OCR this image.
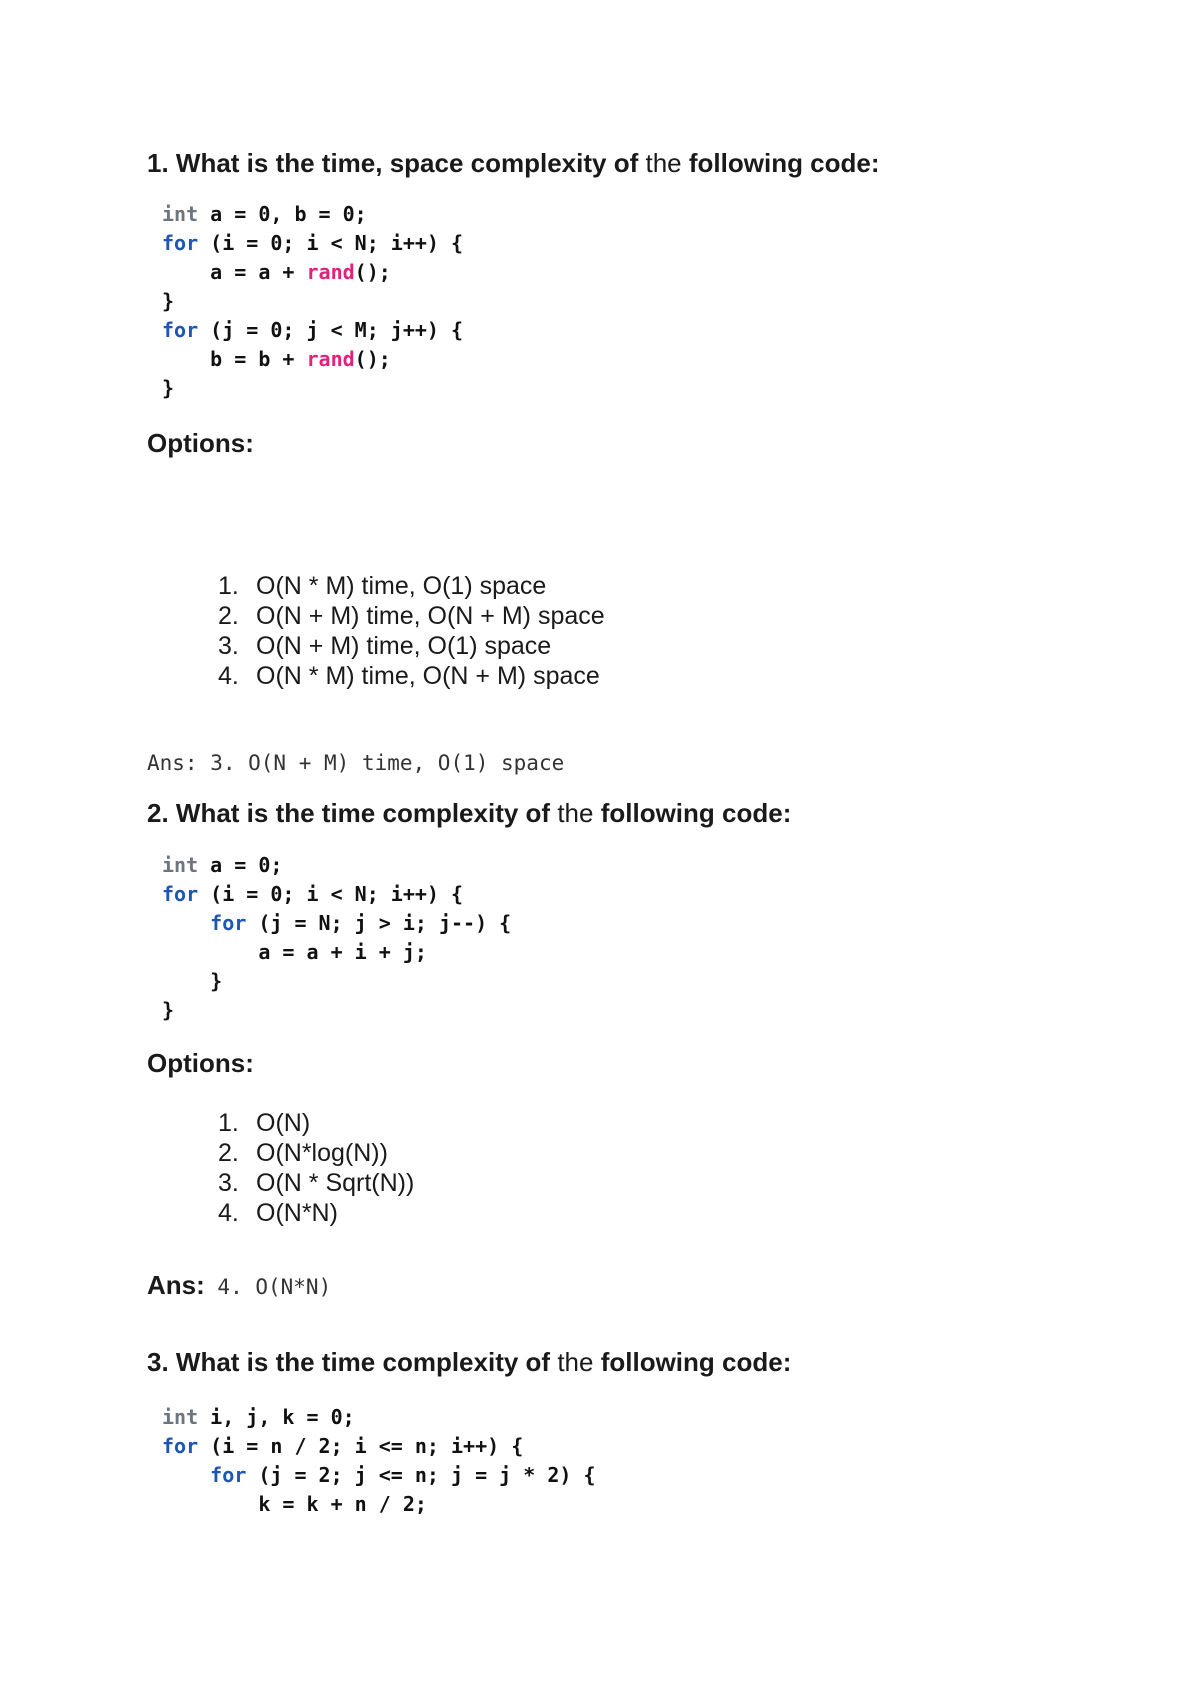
1. What is the time, space complexity of the following code:
int a = 0, b = 0;
for (i = 0; i < N; i++) {
a = a + rand();
}
for (j = 0; j < M; j++) {
b = b + rand();
}
Options:
1. O(N * M) time, O(1) space
2. O(N + M) time, O(N + M) space
3. O(N + M) time, O(1) space
4. O(N * M) time, O(N + M) space

Ans: 3. O(N + M) time, O(1) space

2. What is the time complexity of the following code:
int a = 0;
for (i = 0; i < N; i++) {
for (j = N; j > i; j--) {
a = a + i + j;
}
}
Options:
1. O(N)
2. O(N*log(N))
3. O(N * Sqrt(N))
4. O(N*N)

Ans: 4. O(N*N)

3. What is the time complexity of the following code:
int i, j, k = 0;
for (i = n / 2; i <= n; i++) {
for (j = 2; j <= n; j = j * 2) {
k = k + n / 2;
